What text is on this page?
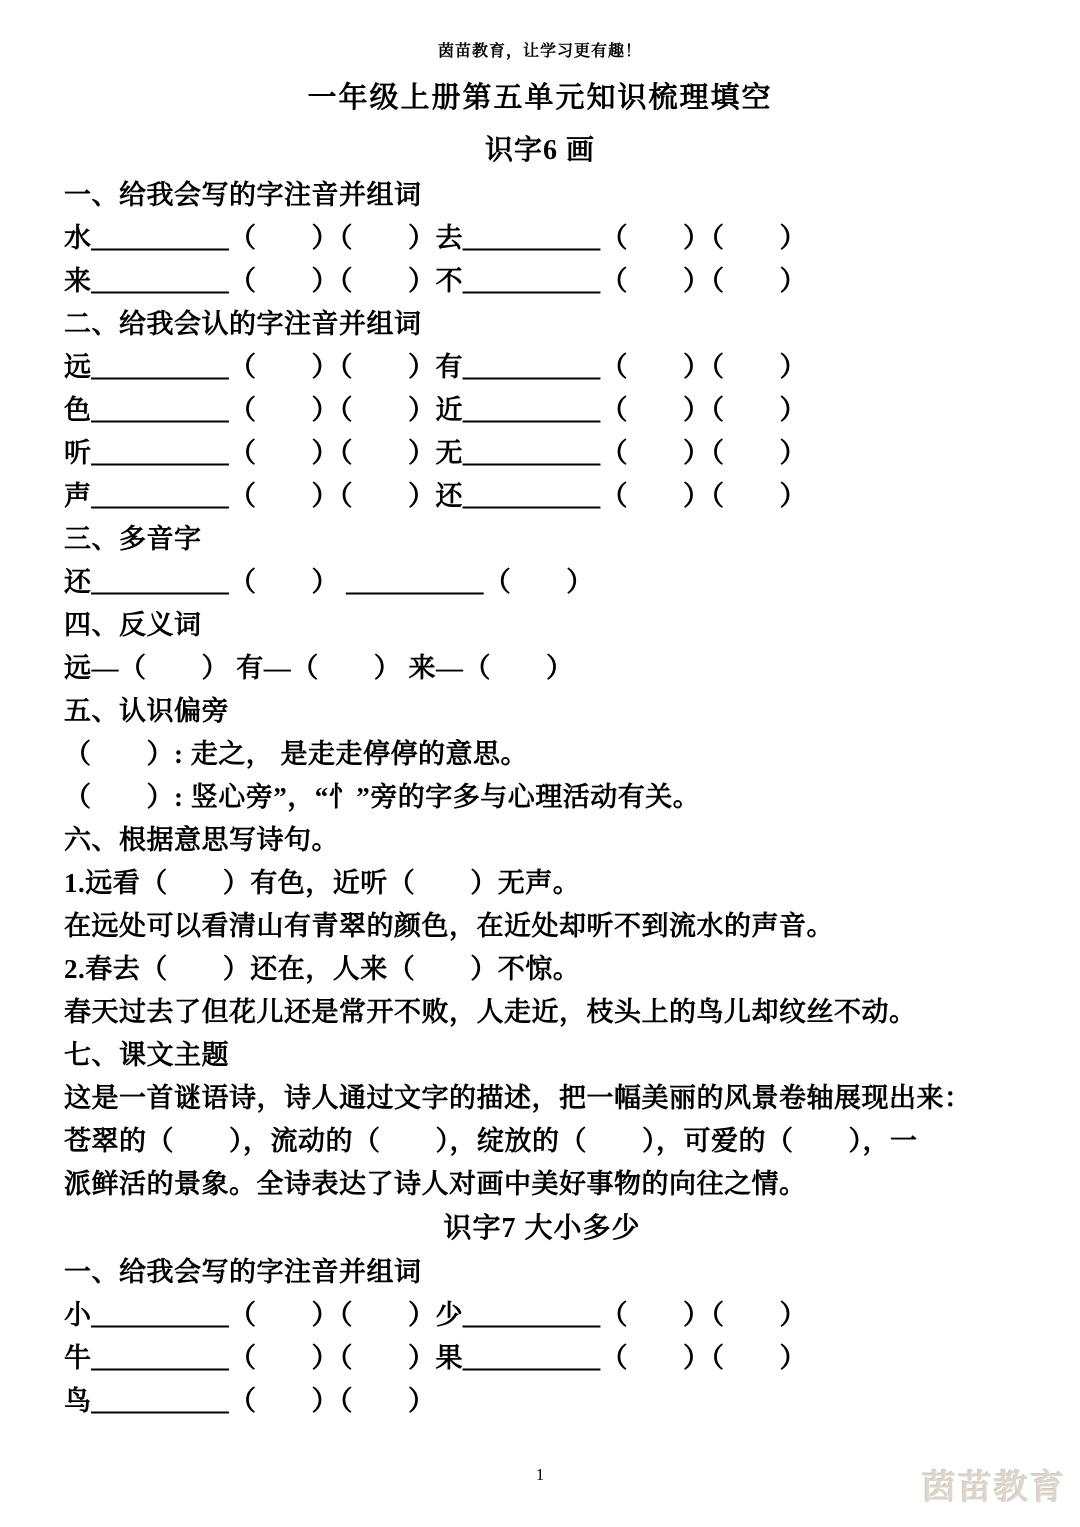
茵苗教育，让学习更有趣！
一年级上册第五单元知识梳理填空
识字6 画
一、给我会写的字注音并组词
水＿＿＿＿＿（　　）（　　）去＿＿＿＿＿（　　）（　　）
来＿＿＿＿＿（　　）（　　）不＿＿＿＿＿（　　）（　　）
二、给我会认的字注音并组词
远＿＿＿＿＿（　　）（　　）有＿＿＿＿＿（　　）（　　）
色＿＿＿＿＿（　　）（　　）近＿＿＿＿＿（　　）（　　）
听＿＿＿＿＿（　　）（　　）无＿＿＿＿＿（　　）（　　）
声＿＿＿＿＿（　　）（　　）还＿＿＿＿＿（　　）（　　）
三、多音字
还＿＿＿＿＿（　　） ＿＿＿＿＿（　　）
四、反义词
远—（　　） 有—（　　） 来—（　　）
五、认识偏旁
（　　）: 走之， 是走走停停的意思。
（　　）: 竖心旁”，“忄”旁的字多与心理活动有关。
六、根据意思写诗句。
1.远看（　　）有色，近听（　　）无声。
在远处可以看清山有青翠的颜色，在近处却听不到流水的声音。
2.春去（　　）还在，人来（　　）不惊。
春天过去了但花儿还是常开不败，人走近，枝头上的鸟儿却纹丝不动。
七、课文主题
这是一首谜语诗，诗人通过文字的描述，把一幅美丽的风景卷轴展现出来：
苍翠的（　　），流动的（　　），绽放的（　　），可爱的（　　），一
派鲜活的景象。全诗表达了诗人对画中美好事物的向往之情。
识字7 大小多少
一、给我会写的字注音并组词
小＿＿＿＿＿（　　）（　　）少＿＿＿＿＿（　　）（　　）
牛＿＿＿＿＿（　　）（　　）果＿＿＿＿＿（　　）（　　）
鸟＿＿＿＿＿（　　）（　　）
1	茵苗教育
